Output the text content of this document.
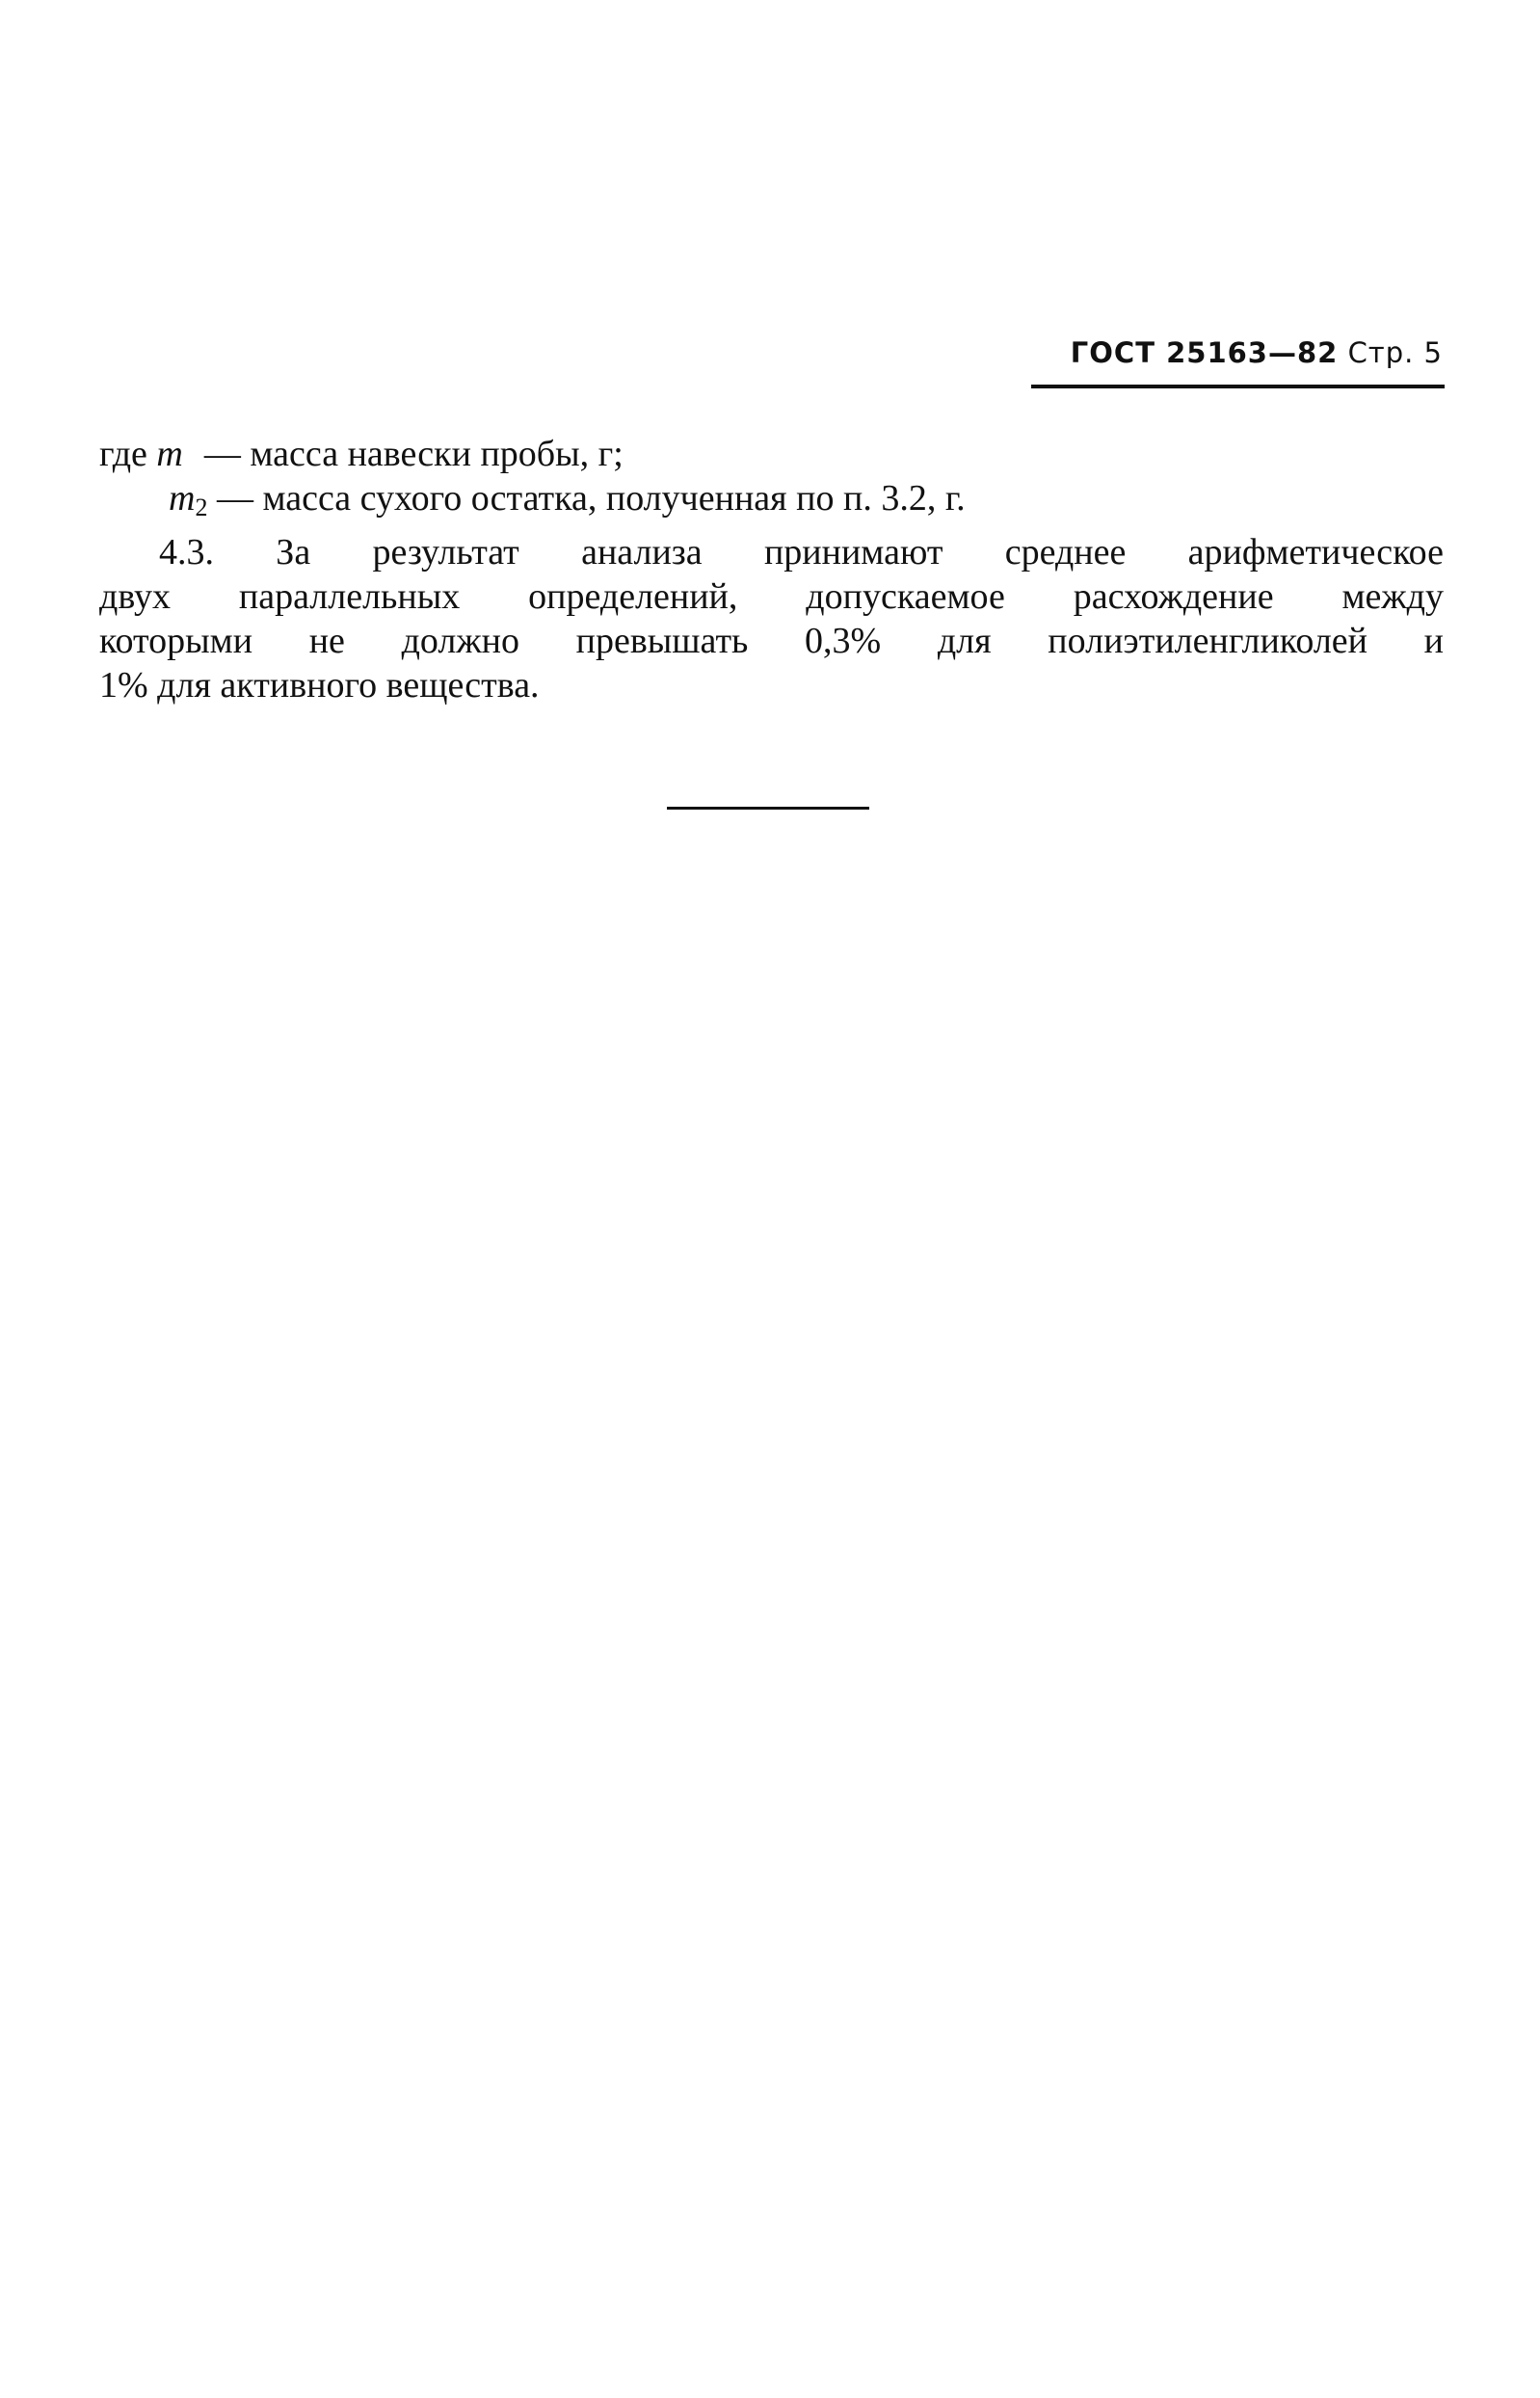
ГОСТ 25163—82 Стр. 5
где m — масса навески пробы, г;
$m_2$ — масса сухого остатка, полученная по п. 3.2, г.
4.3. За результат анализа принимают среднее арифметическое
двух параллельных определений, допускаемое расхождение между
которыми не должно превышать 0,3% для полиэтиленгликолей и
1% для активного вещества.
